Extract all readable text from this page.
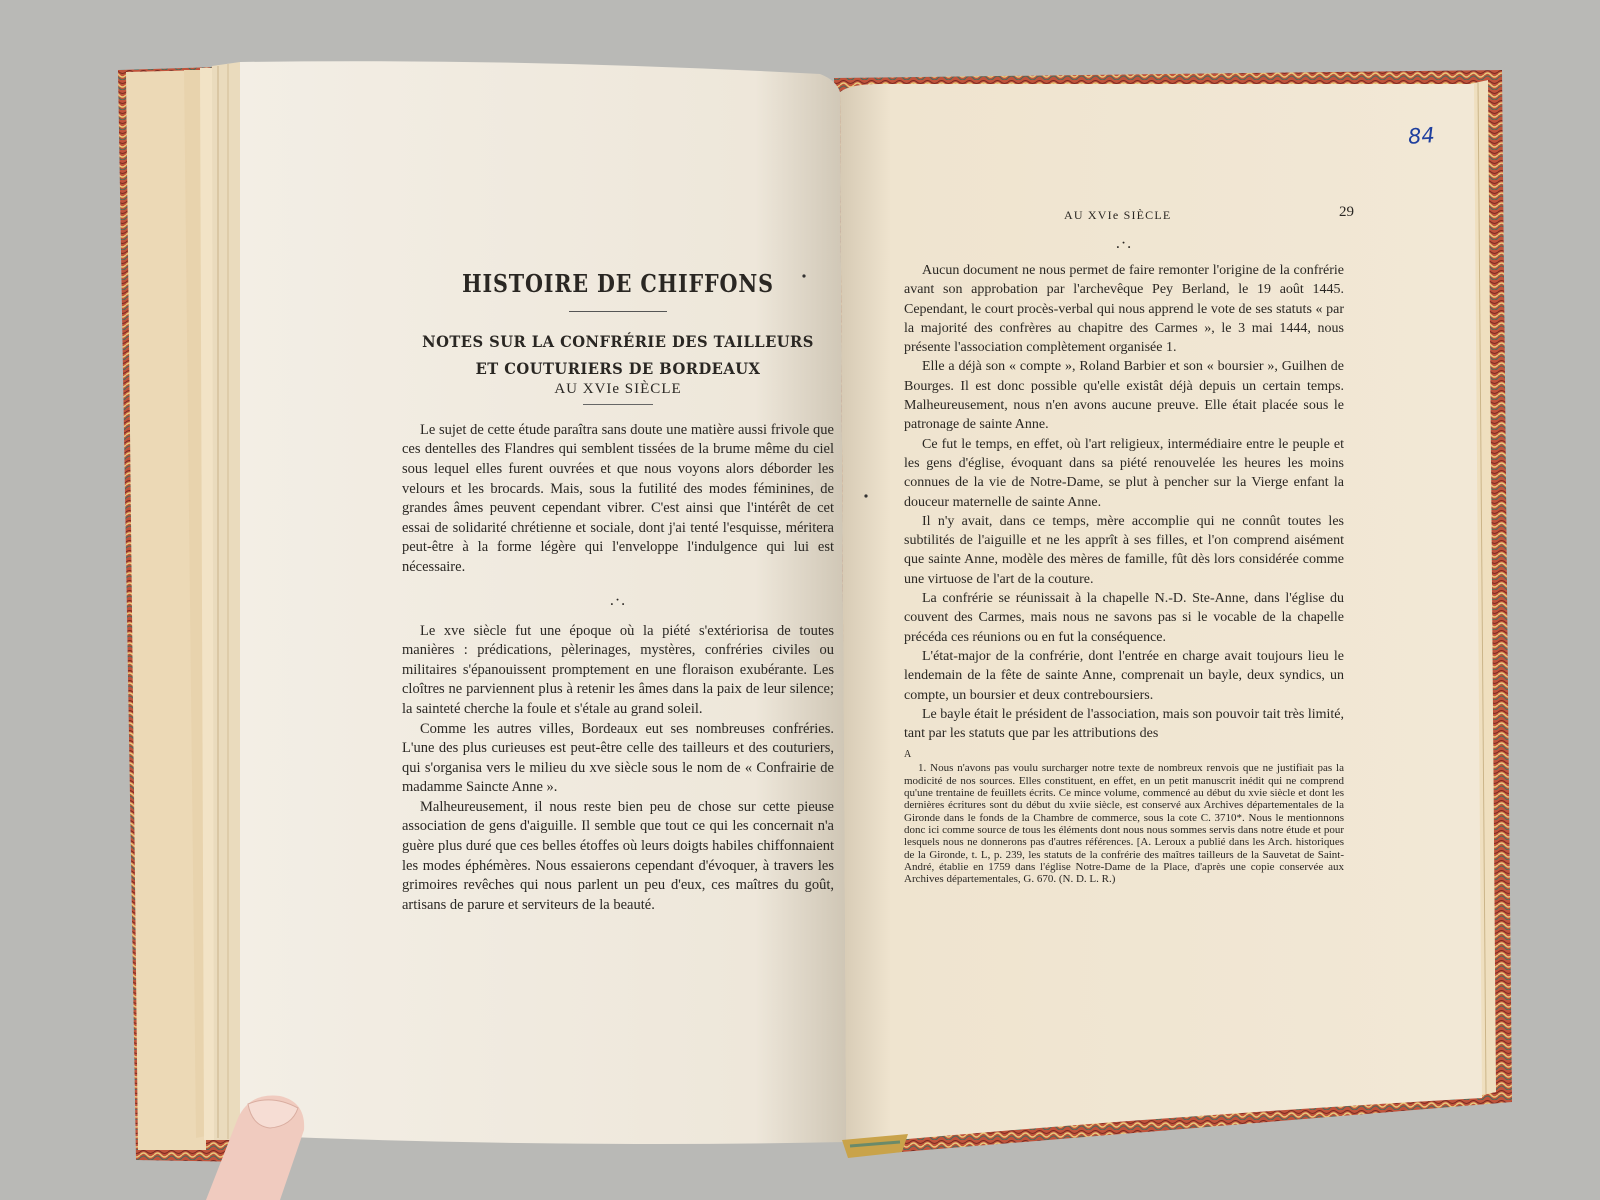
HISTOIRE DE CHIFFONS

NOTES SUR LA CONFRÉRIE DES TAILLEURS

ET COUTURIERS DE BORDEAUX

AU XVIe SIÈCLE

Le sujet de cette étude paraîtra sans doute une matière aussi frivole que ces dentelles des Flandres qui semblent tissées de la brume même du ciel sous lequel elles furent ouvrées et que nous voyons alors déborder les velours et les brocards. Mais, sous la futilité des modes féminines, de grandes âmes peuvent cependant vibrer. C'est ainsi que l'intérêt de cet essai de solidarité chrétienne et sociale, dont j'ai tenté l'esquisse, méritera peut-être à la forme légère qui l'enveloppe l'indulgence qui lui est nécessaire.

.·.

Le xve siècle fut une époque où la piété s'extériorisa de toutes manières : prédications, pèlerinages, mystères, confréries civiles ou militaires s'épanouissent promptement en une floraison exubérante. Les cloîtres ne parviennent plus à retenir les âmes dans la paix de leur silence; la sainteté cherche la foule et s'étale au grand soleil.

Comme les autres villes, Bordeaux eut ses nombreuses confréries. L'une des plus curieuses est peut-être celle des tailleurs et des couturiers, qui s'organisa vers le milieu du xve siècle sous le nom de « Confrairie de madamme Saincte Anne ».

Malheureusement, il nous reste bien peu de chose sur cette pieuse association de gens d'aiguille. Il semble que tout ce qui les concernait n'a guère plus duré que ces belles étoffes où leurs doigts habiles chiffonnaient les modes éphémères. Nous essaierons cependant d'évoquer, à travers les grimoires revêches qui nous parlent un peu d'eux, ces maîtres du goût, artisans de parure et serviteurs de la beauté.

AU XVIe SIÈCLE	29
84
.·.

Aucun document ne nous permet de faire remonter l'origine de la confrérie avant son approbation par l'archevêque Pey Berland, le 19 août 1445. Cependant, le court procès-verbal qui nous apprend le vote de ses statuts « par la majorité des confrères au chapitre des Carmes », le 3 mai 1444, nous présente l'association complètement organisée 1.

Elle a déjà son « compte », Roland Barbier et son « boursier », Guilhen de Bourges. Il est donc possible qu'elle existât déjà depuis un certain temps. Malheureusement, nous n'en avons aucune preuve. Elle était placée sous le patronage de sainte Anne.

Ce fut le temps, en effet, où l'art religieux, intermédiaire entre le peuple et les gens d'église, évoquant dans sa piété renouvelée les heures les moins connues de la vie de Notre-Dame, se plut à pencher sur la Vierge enfant la douceur maternelle de sainte Anne.

Il n'y avait, dans ce temps, mère accomplie qui ne connût toutes les subtilités de l'aiguille et ne les apprît à ses filles, et l'on comprend aisément que sainte Anne, modèle des mères de famille, fût dès lors considérée comme une virtuose de l'art de la couture.

La confrérie se réunissait à la chapelle N.-D. Ste-Anne, dans l'église du couvent des Carmes, mais nous ne savons pas si le vocable de la chapelle précéda ces réunions ou en fut la conséquence.

L'état-major de la confrérie, dont l'entrée en charge avait toujours lieu le lendemain de la fête de sainte Anne, comprenait un bayle, deux syndics, un compte, un boursier et deux contreboursiers.

Le bayle était le président de l'association, mais son pouvoir tait très limité, tant par les statuts que par les attributions des

A

1. Nous n'avons pas voulu surcharger notre texte de nombreux renvois que ne justifiait pas la modicité de nos sources. Elles constituent, en effet, en un petit manuscrit inédit qui ne comprend qu'une trentaine de feuillets écrits. Ce mince volume, commencé au début du xvie siècle et dont les dernières écritures sont du début du xviie siècle, est conservé aux Archives départementales de la Gironde dans le fonds de la Chambre de commerce, sous la cote C. 3710*. Nous le mentionnons donc ici comme source de tous les éléments dont nous nous sommes servis dans notre étude et pour lesquels nous ne donnerons pas d'autres références. [A. Leroux a publié dans les Arch. historiques de la Gironde, t. L, p. 239, les statuts de la confrérie des maîtres tailleurs de la Sauvetat de Saint-André, établie en 1759 dans l'église Notre-Dame de la Place, d'après une copie conservée aux Archives départementales, G. 670. (N. D. L. R.)
